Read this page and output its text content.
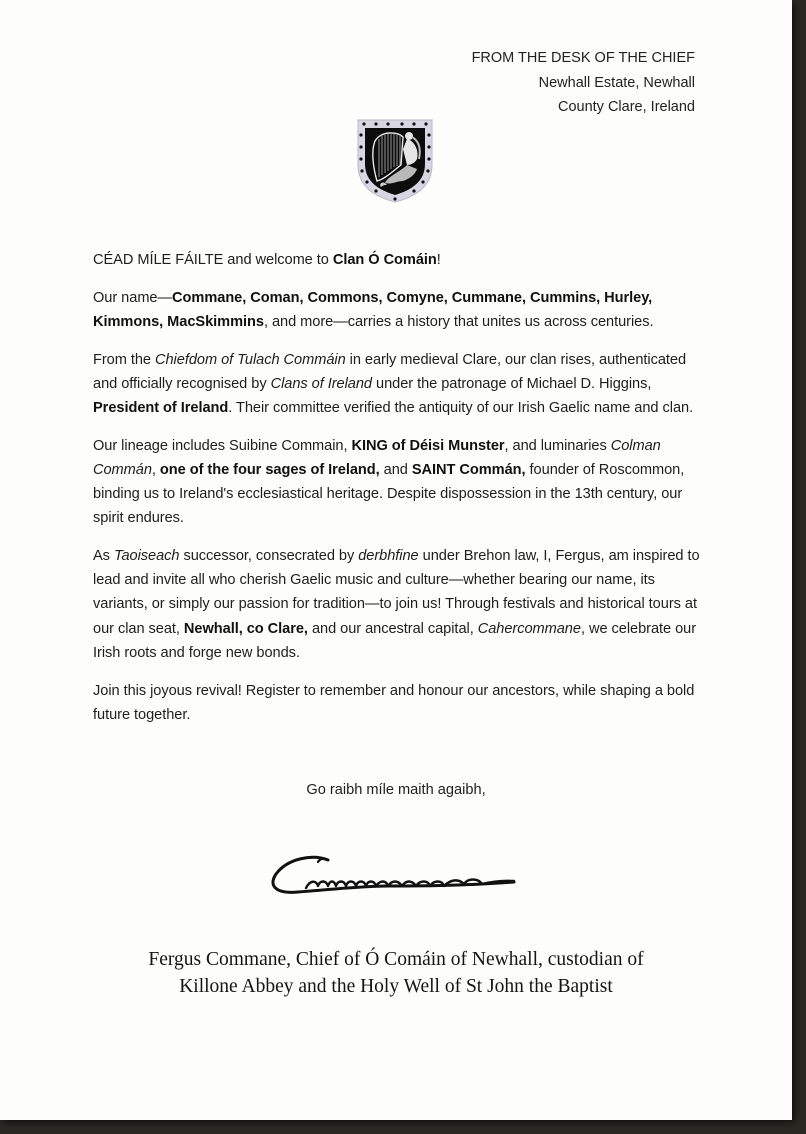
FROM THE DESK OF THE CHIEF
Newhall Estate, Newhall
County Clare, Ireland

CÉAD MÍLE FÁILTE and welcome to Clan Ó Comáin!

Our name—Commane, Coman, Commons, Comyne, Cummane, Cummins, Hurley, Kimmons, MacSkimmins, and more—carries a history that unites us across centuries.

From the Chiefdom of Tulach Commáin in early medieval Clare, our clan rises, authenticated and officially recognised by Clans of Ireland under the patronage of Michael D. Higgins, President of Ireland. Their committee verified the antiquity of our Irish Gaelic name and clan.

Our lineage includes Suibine Commain, KING of Déisi Munster, and luminaries Colman Commán, one of the four sages of Ireland, and SAINT Commán, founder of Roscommon, binding us to Ireland's ecclesiastical heritage. Despite dispossession in the 13th century, our spirit endures.

As Taoiseach successor, consecrated by derbhfine under Brehon law, I, Fergus, am inspired to lead and invite all who cherish Gaelic music and culture—whether bearing our name, its variants, or simply our passion for tradition—to join us! Through festivals and historical tours at our clan seat, Newhall, co Clare, and our ancestral capital, Cahercommane, we celebrate our Irish roots and forge new bonds.

Join this joyous revival! Register to remember and honour our ancestors, while shaping a bold future together.

Go raibh míle maith agaibh,
Fergus Commane, Chief of Ó Comáin of Newhall, custodian of
Killone Abbey and the Holy Well of St John the Baptist
